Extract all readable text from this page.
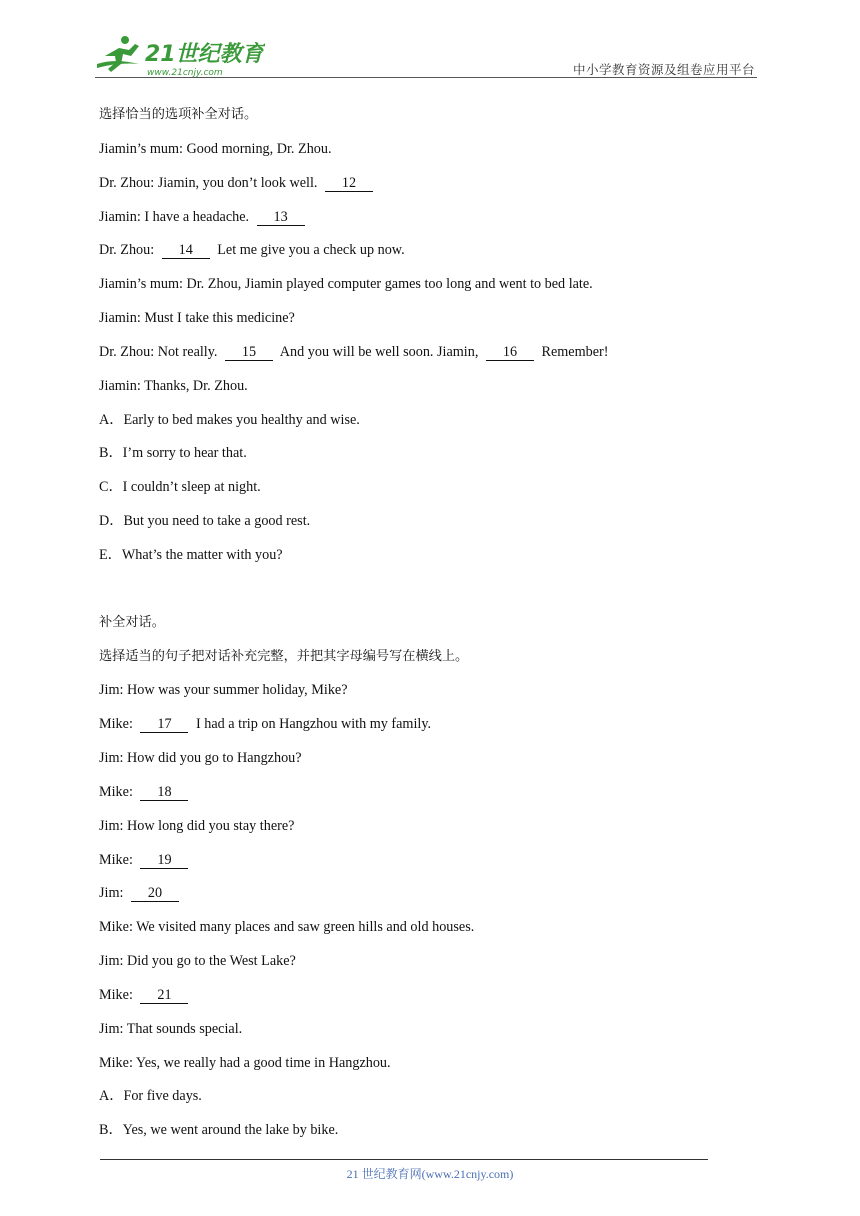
21世纪教育
www.21cnjy.com	中小学教育资源及组卷应用平台
选择恰当的选项补全对话。
Jiamin’s mum: Good morning, Dr. Zhou.
Dr. Zhou: Jiamin, you don’t look well. 12
Jiamin: I have a headache. 13
Dr. Zhou: 14 Let me give you a check up now.
Jiamin’s mum: Dr. Zhou, Jiamin played computer games too long and went to bed late.
Jiamin: Must I take this medicine?
Dr. Zhou: Not really. 15 And you will be well soon. Jiamin, 16 Remember!
Jiamin: Thanks, Dr. Zhou.
A．Early to bed makes you healthy and wise.
B．I’m sorry to hear that.
C．I couldn’t sleep at night.
D．But you need to take a good rest.
E．What’s the matter with you?
补全对话。
选择适当的句子把对话补充完整，并把其字母编号写在横线上。
Jim: How was your summer holiday, Mike?
Mike: 17 I had a trip on Hangzhou with my family.
Jim: How did you go to Hangzhou?
Mike: 18
Jim: How long did you stay there?
Mike: 19
Jim: 20
Mike: We visited many places and saw green hills and old houses.
Jim: Did you go to the West Lake?
Mike: 21
Jim: That sounds special.
Mike: Yes, we really had a good time in Hangzhou.
A．For five days.
B．Yes, we went around the lake by bike.
21 世纪教育网(www.21cnjy.com)
